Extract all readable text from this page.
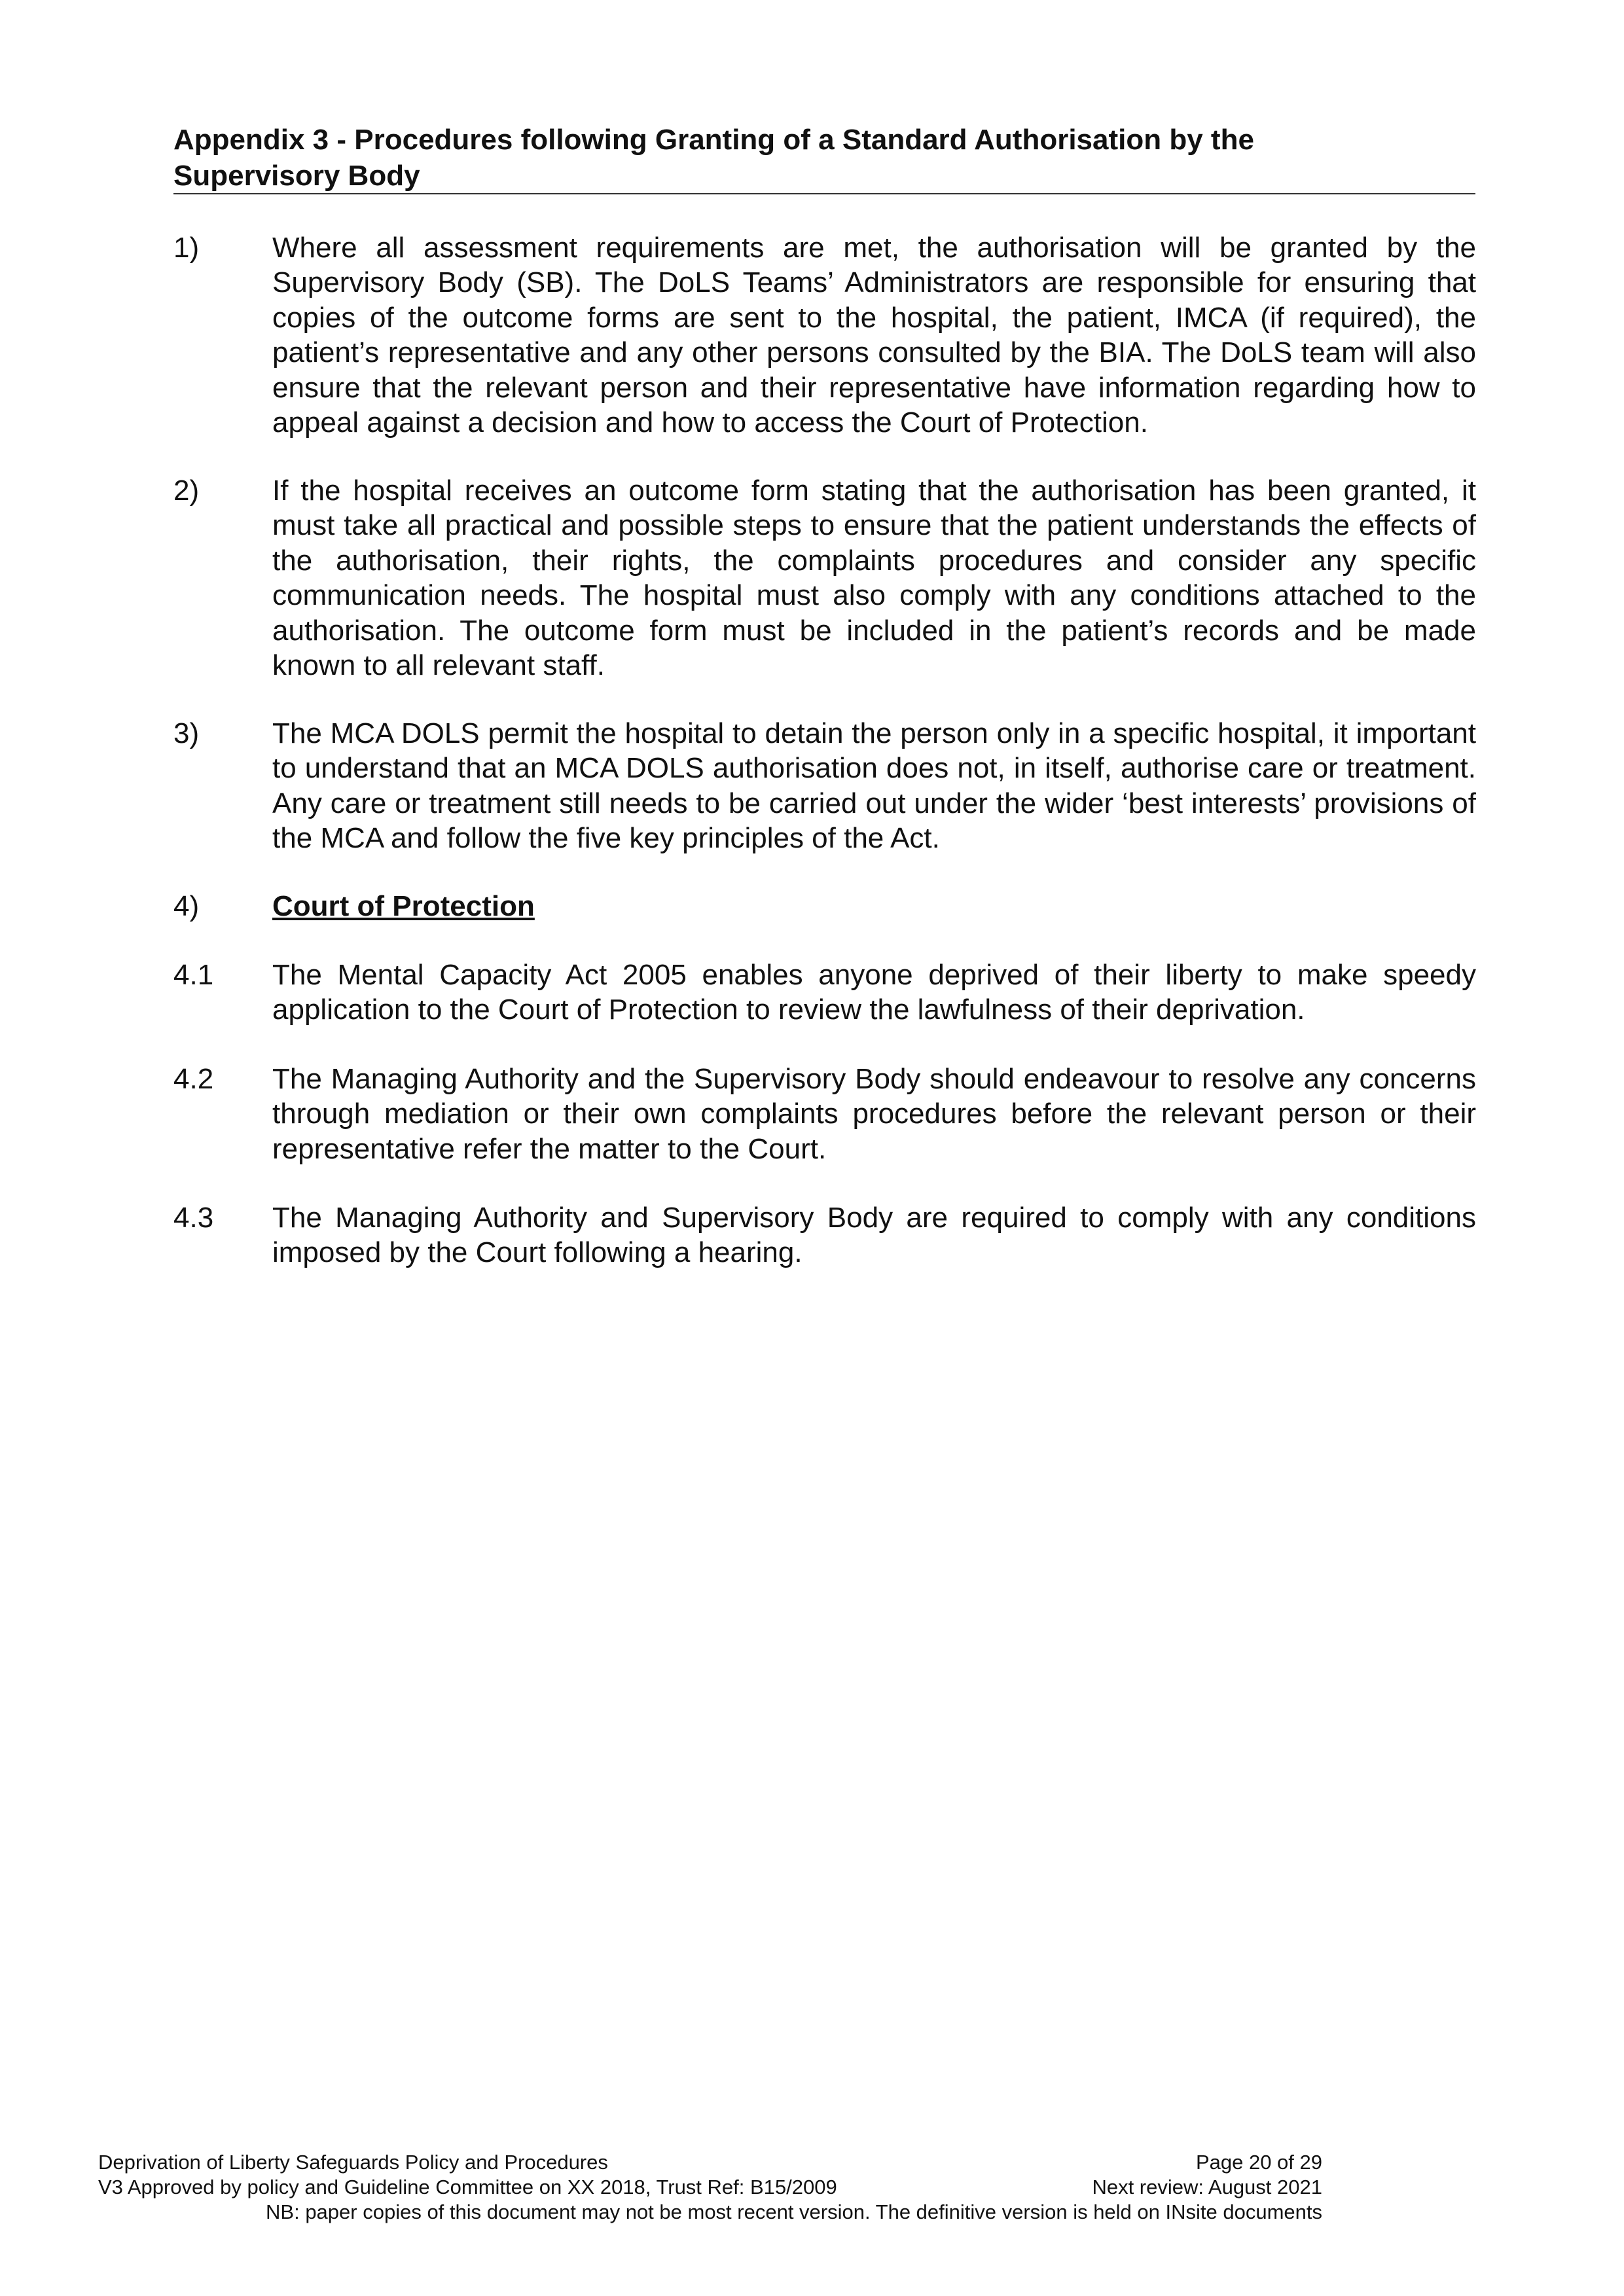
Appendix 3 - Procedures following Granting of a Standard Authorisation by the
Supervisory Body
1)	Where all assessment requirements are met, the authorisation will be granted by the Supervisory Body (SB). The DoLS Teams’ Administrators are responsible for ensuring that copies of the outcome forms are sent to the hospital, the patient, IMCA (if required), the patient’s representative and any other persons consulted by the BIA. The DoLS team will also ensure that the relevant person and their representative have information regarding how to appeal against a decision and how to access the Court of Protection.
2)	If the hospital receives an outcome form stating that the authorisation has been granted, it must take all practical and possible steps to ensure that the patient understands the effects of the authorisation, their rights, the complaints procedures and consider any specific communication needs. The hospital must also comply with any conditions attached to the authorisation. The outcome form must be included in the patient’s records and be made known to all relevant staff.
3)	The MCA DOLS permit the hospital to detain the person only in a specific hospital, it important to understand that an MCA DOLS authorisation does not, in itself, authorise care or treatment. Any care or treatment still needs to be carried out under the wider ‘best interests’ provisions of the MCA and follow the five key principles of the Act.
4)	Court of Protection
4.1	The Mental Capacity Act 2005 enables anyone deprived of their liberty to make speedy application to the Court of Protection to review the lawfulness of their deprivation.
4.2	The Managing Authority and the Supervisory Body should endeavour to resolve any concerns through mediation or their own complaints procedures before the relevant person or their representative refer the matter to the Court.
4.3	The Managing Authority and Supervisory Body are required to comply with any conditions imposed by the Court following a hearing.
Deprivation of Liberty Safeguards Policy and Procedures	Page 20 of 29
V3 Approved by policy and Guideline Committee on XX 2018, Trust Ref: B15/2009	Next review: August 2021
NB: paper copies of this document may not be most recent version. The definitive version is held on INsite documents
